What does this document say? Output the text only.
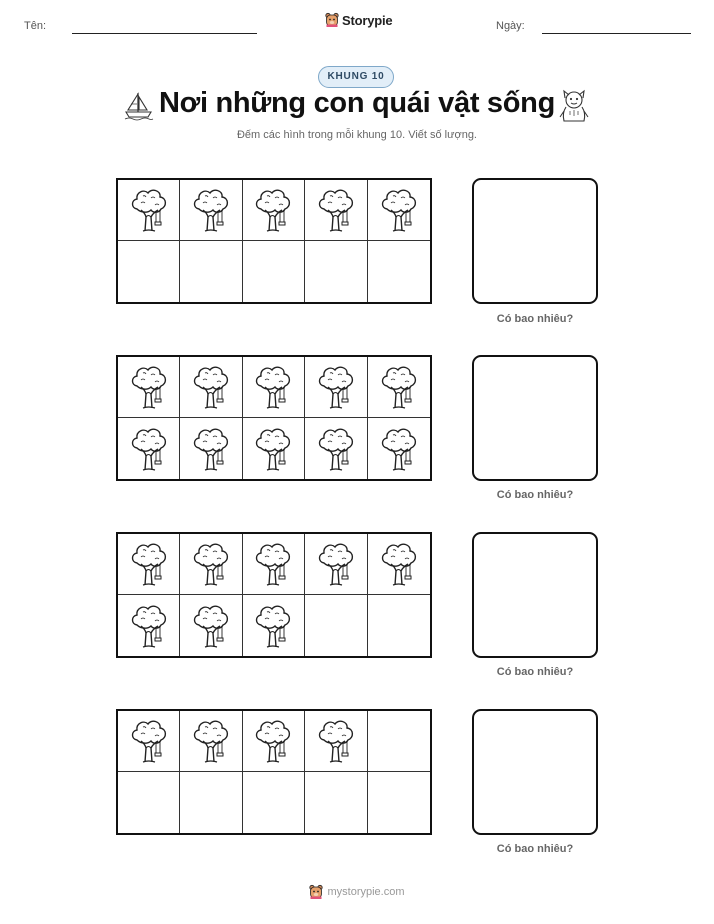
Tên:	Storypie	Ngày:
KHUNG 10
Nơi những con quái vật sống
Đếm các hình trong mỗi khung 10. Viết số lượng.
Có bao nhiêu?
Có bao nhiêu?
Có bao nhiêu?
Có bao nhiêu?
mystorypie.com
